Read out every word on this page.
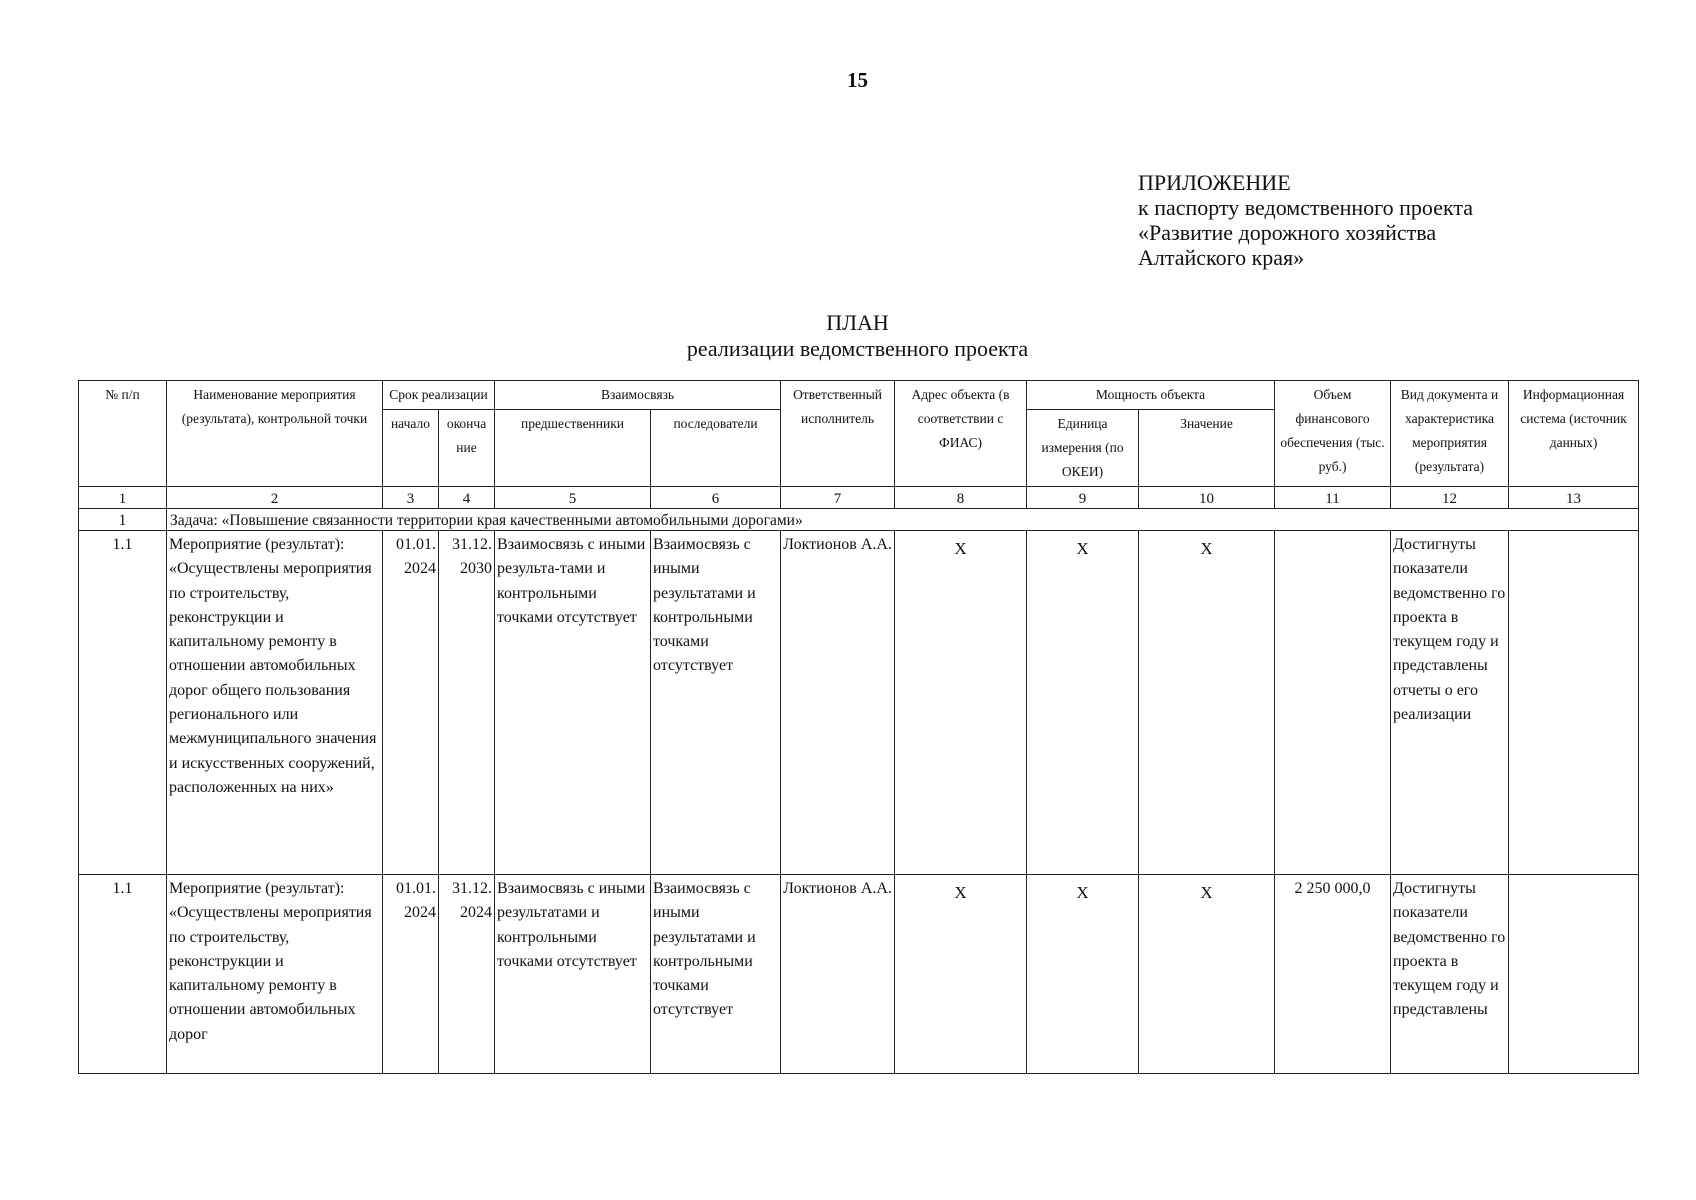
15
ПРИЛОЖЕНИЕ
к паспорту ведомственного проекта
«Развитие дорожного хозяйства
Алтайского края»
ПЛАН
реализации ведомственного проекта
№ п/п	Наименование мероприятия (результата), контрольной точки	Срок реализации		Взаимосвязь		Ответственный исполнитель	Адрес объекта (в соответствии с ФИАС)	Мощность объекта		Объем финансового обеспечения (тыс. руб.)	Вид документа и характеристика мероприятия (результата)	Информационная система (источник данных)
		начало	оконча ние	предшественники	последователи			Единица измерения (по ОКЕИ)	Значение			
1	2	3	4	5	6	7	8	9	10	11	12	13
1	Задача: «Повышение связанности территории края качественными автомобильными дорогами»											
1.1	Мероприятие (результат): «Осуществлены мероприятия по строительству, реконструкции и капитальному ремонту в отношении автомобильных дорог общего пользования регионального или межмуниципального значения и искусственных сооружений, расположенных на них»	01.01. 2024	31.12. 2030	Взаимосвязь с иными результа-тами и контрольными точками отсутствует	Взаимосвязь с иными результатами и контрольными точками отсутствует	Локтионов А.А.	X	X	X		Достигнуты показатели ведомственно го проекта в текущем году и представлены отчеты о его реализации	
1.1	Мероприятие (результат): «Осуществлены мероприятия по строительству, реконструкции и капитальному ремонту в отношении автомобильных дорог	01.01. 2024	31.12. 2024	Взаимосвязь с иными результатами и контрольными точками отсутствует	Взаимосвязь с иными результатами и контрольными точками отсутствует	Локтионов А.А.	X	X	X	2 250 000,0	Достигнуты показатели ведомственно го проекта в текущем году и представлены	
